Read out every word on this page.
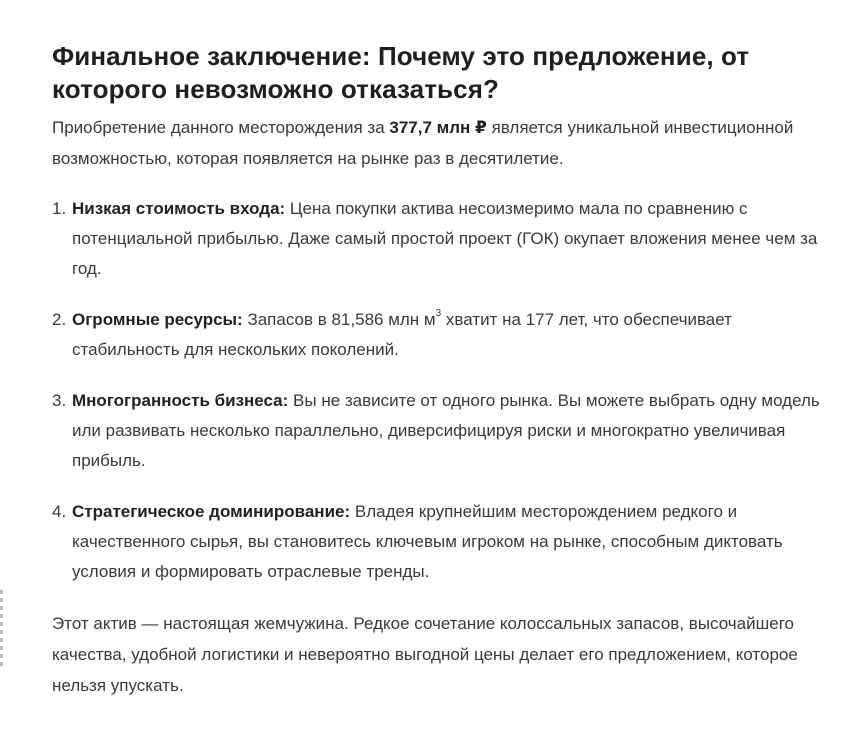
Финальное заключение: Почему это предложение, от которого невозможно отказаться?

Приобретение данного месторождения за 377,7 млн ₽ является уникальной инвестиционной возможностью, которая появляется на рынке раз в десятилетие.

1. Низкая стоимость входа: Цена покупки актива несоизмеримо мала по сравнению с потенциальной прибылью. Даже самый простой проект (ГОК) окупает вложения менее чем за год.
2. Огромные ресурсы: Запасов в 81,586 млн $м^3$ хватит на 177 лет, что обеспечивает стабильность для нескольких поколений.
3. Многогранность бизнеса: Вы не зависите от одного рынка. Вы можете выбрать одну модель или развивать несколько параллельно, диверсифицируя риски и многократно увеличивая прибыль.
4. Стратегическое доминирование: Владея крупнейшим месторождением редкого и качественного сырья, вы становитесь ключевым игроком на рынке, способным диктовать условия и формировать отраслевые тренды.

Этот актив — настоящая жемчужина. Редкое сочетание колоссальных запасов, высочайшего качества, удобной логистики и невероятно выгодной цены делает его предложением, которое нельзя упускать.
